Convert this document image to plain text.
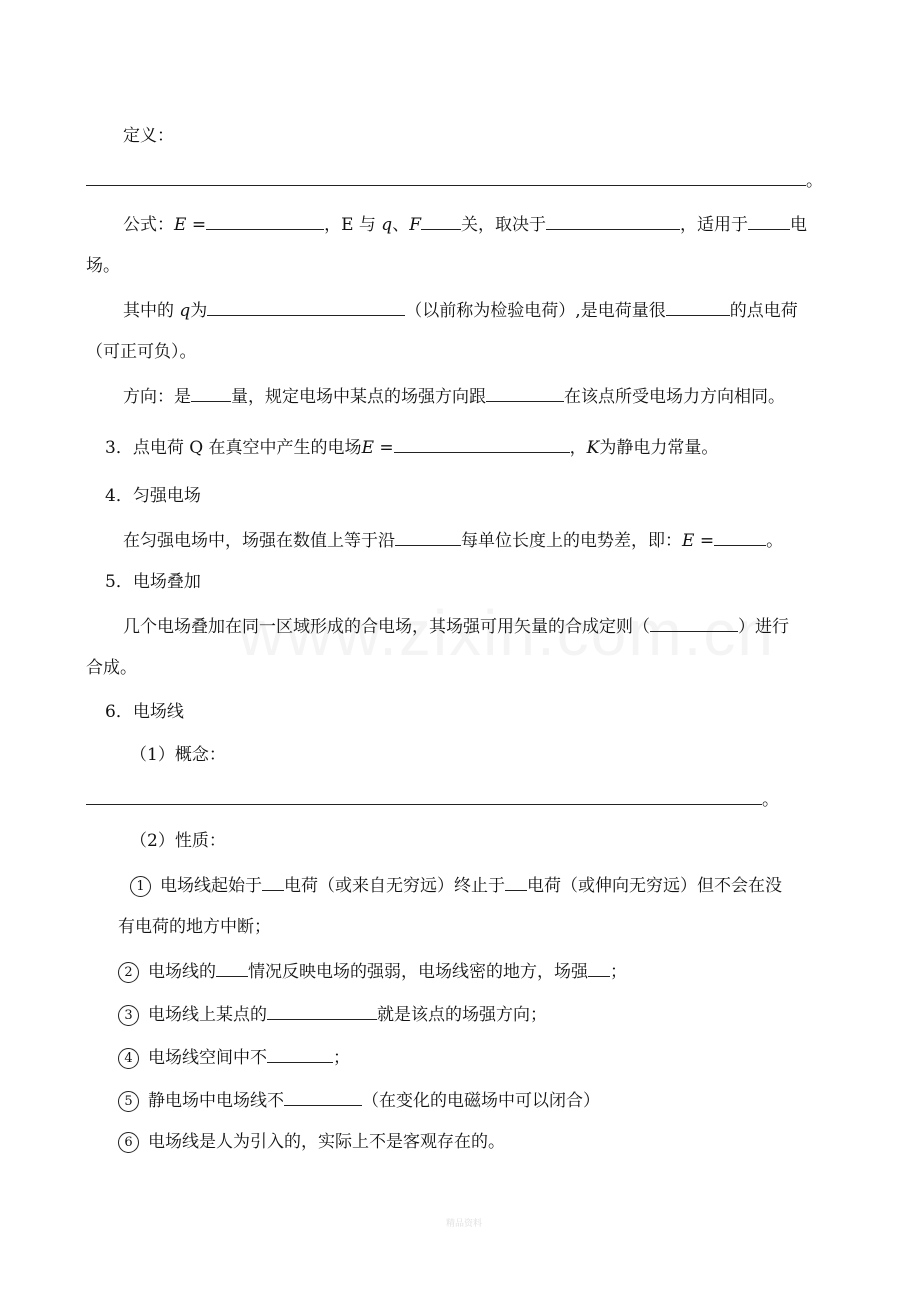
定义：
。
公式：E =	，E 与 q、F 关，取决于	，适用于 电
场。
其中的 q为	（以前称为检验电荷）,是电荷量很	的点电荷
（可正可负）。
方向：是 量，规定电场中某点的场强方向跟	在该点所受电场力方向相同。
3．点电荷 Q 在真空中产生的电场E =	，K为静电力常量。
4．匀强电场
在匀强电场中，场强在数值上等于沿	每单位长度上的电势差，即：E =	。
5．电场叠加
几个电场叠加在同一区域形成的合电场，其场强可用矢量的合成定则（	）进行
合成。
6．电场线
（1）概念：
。
（2）性质：
1 电场线起始于 电荷（或来自无穷远）终止于 电荷（或伸向无穷远）但不会在没
有电荷的地方中断；
2 电场线的 情况反映电场的强弱，电场线密的地方，场强 ；
3 电场线上某点的	就是该点的场强方向；
4 电场线空间中不	；
5 静电场中电场线不	（在变化的电磁场中可以闭合）
6 电场线是人为引入的，实际上不是客观存在的。
精品资料
